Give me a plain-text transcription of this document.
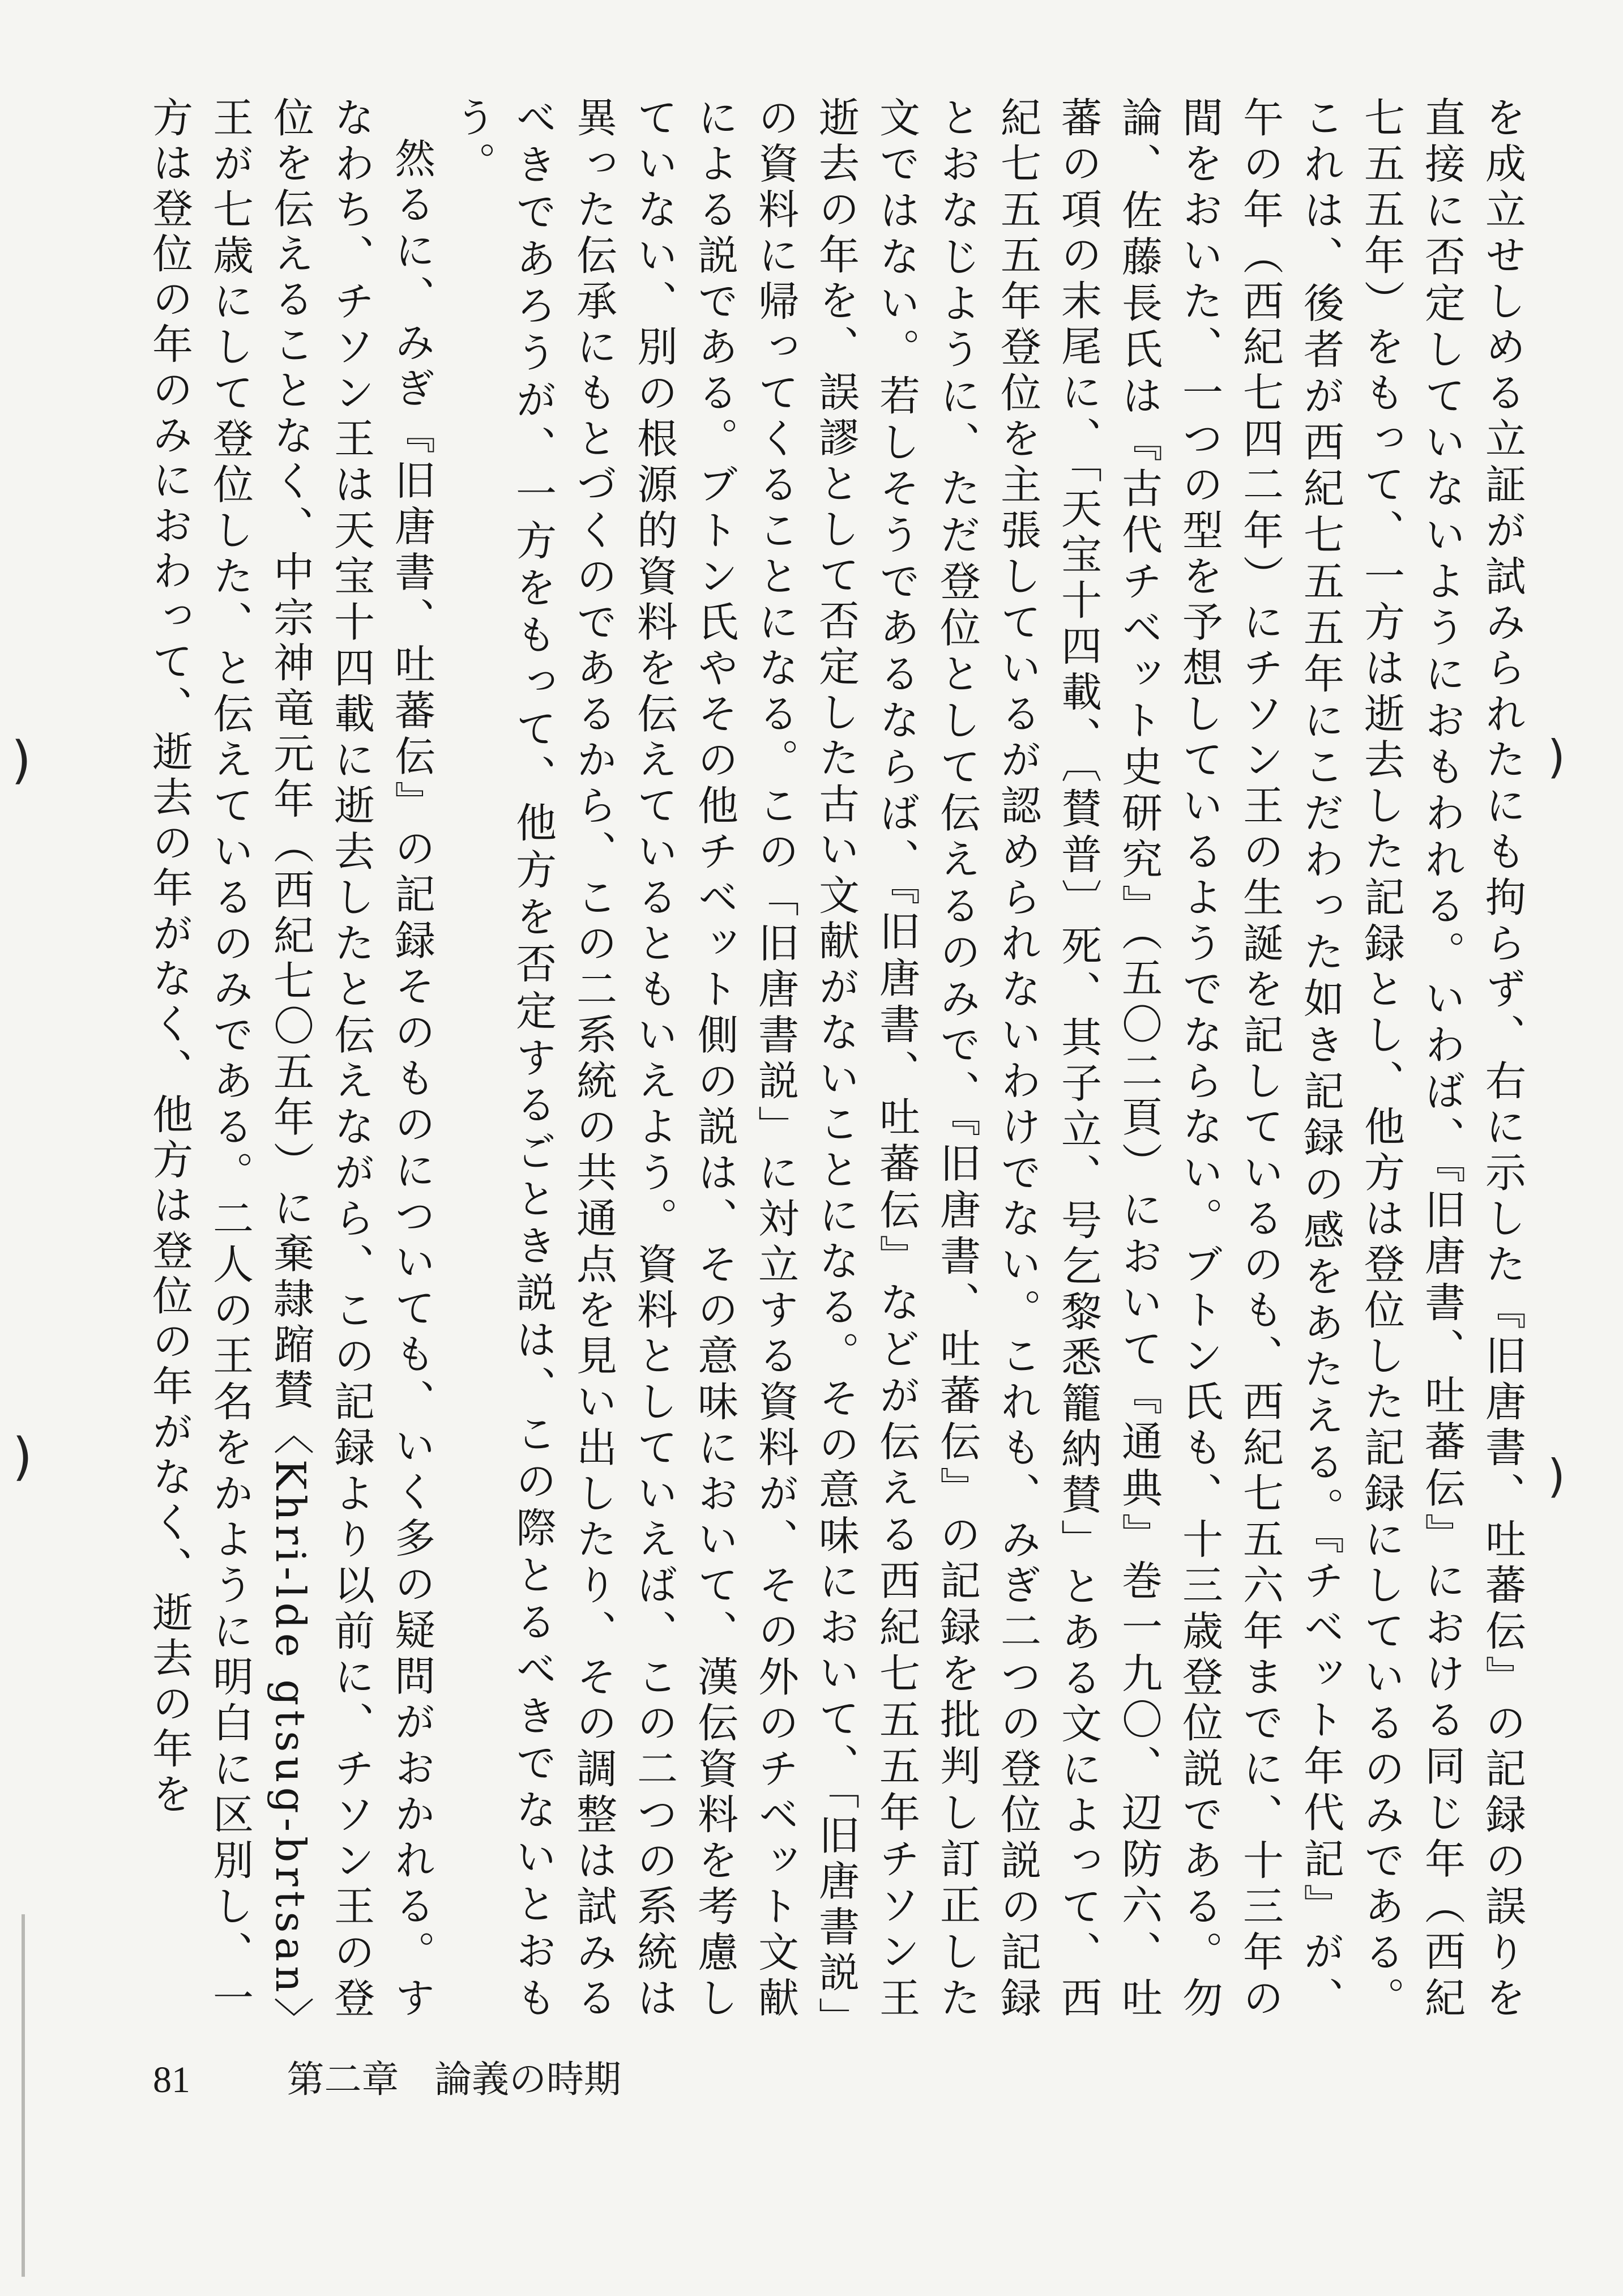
)
)
)
)

を成立せしめる立証が試みられたにも拘らず、右に示した『旧唐書、吐蕃伝』の記録の誤りを直接に否定していないようにおもわれる。いわば、『旧唐書、吐蕃伝』における同じ年（西紀七五五年）をもって、一方は逝去した記録とし、他方は登位した記録にしているのみである。これは、後者が西紀七五五年にこだわった如き記録の感をあたえる。『チベット年代記』が、午の年（西紀七四二年）にチソン王の生誕を記しているのも、西紀七五六年までに、十三年の間をおいた、一つの型を予想しているようでならない。ブトン氏も、十三歳登位説である。勿論、佐藤長氏は『古代チベット史研究』（五〇二頁）において『通典』巻一九〇、辺防六、吐蕃の項の末尾に、「天宝十四載、〔賛普〕死、其子立、号乞黎悉籠納賛」とある文によって、西紀七五五年登位を主張しているが認められないわけでない。これも、みぎ二つの登位説の記録とおなじように、ただ登位として伝えるのみで、『旧唐書、吐蕃伝』の記録を批判し訂正した文ではない。若しそうであるならば、『旧唐書、吐蕃伝』などが伝える西紀七五五年チソン王逝去の年を、誤謬として否定した古い文献がないことになる。その意味において、「旧唐書説」の資料に帰ってくることになる。この「旧唐書説」に対立する資料が、その外のチベット文献による説である。ブトン氏やその他チベット側の説は、その意味において、漢伝資料を考慮していない、別の根源的資料を伝えているともいえよう。資料としていえば、この二つの系統は異った伝承にもとづくのであるから、この二系統の共通点を見い出したり、その調整は試みるべきであろうが、一方をもって、他方を否定するごとき説は、この際とるべきでないとおもう。

然るに、みぎ『旧唐書、吐蕃伝』の記録そのものについても、いく多の疑問がおかれる。すなわち、チソン王は天宝十四載に逝去したと伝えながら、この記録より以前に、チソン王の登位を伝えることなく、中宗神竜元年（西紀七〇五年）に棄隷蹜賛〈Khri-lde gtsug-brtsan〉王が七歳にして登位した、と伝えているのみである。二人の王名をかように明白に区別し、一方は登位の年のみにおわって、逝去の年がなく、他方は登位の年がなく、逝去の年を

81	第二章 論義の時期
